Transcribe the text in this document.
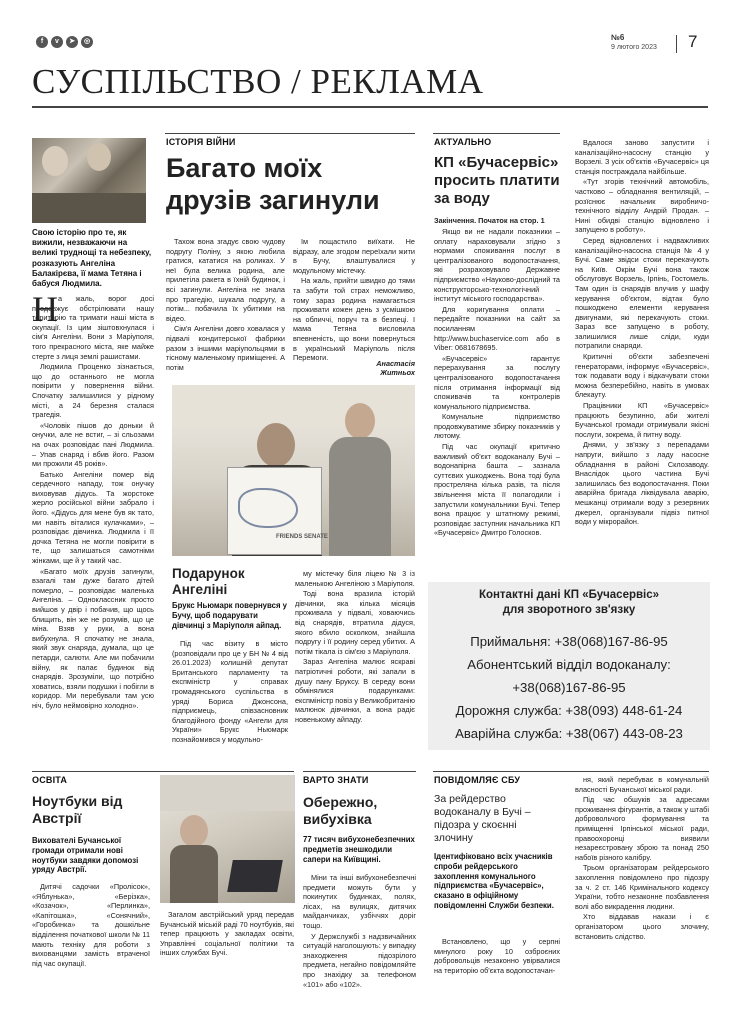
f	v	➤	◎	№6
9 лютого 2023 7
СУСПІЛЬСТВО / РЕКЛАМА

Свою історію про те, як

вижили, незважаючи на

великі труднощі та небезпеку,

розказують Ангеліна

Балакірєва, її мама Тетяна і

бабуся Людмила.

Н а жаль, ворог досі продовжує обстрілювати нашу територію та тримати наші міста в окупації. Із цим зіштовхнулася і сім'я Ангеліни. Вони з Маріуполя, того прекрасного міста, яке майже стерте з лиця землі рашистами.

Людмила Проценко зізнається, що до останнього не могла повірити у повернення війни. Спочатку залишилися у рідному місті, а 24 березня сталася трагедія.

«Чоловік пішов до доньки й онучки, але не встиг, – зі сльозами на очах розповідає пані Людмила. – Упав снаряд і вбив його. Разом ми прожили 45 років».

Батько Ангеліни помер від сердечного нападу, тож онучку виховував дідусь. Та жорстоке жерло російської війни забрало і його. «Дідусь для мене був як тато, ми навіть віталися кулачками», – розповідає дівчинка. Людмила і її дочка Тетяна не могли повірити в те, що залишаться самотніми жінками, ще й у такий час.

«Багато моїх друзів загинули, взагалі там дуже багато дітей померло, – розповідає маленька Ангеліна. – Одноклассник просто вийшов у двір і побачив, що щось блищить, він же не розумів, що це міна. Взяв у руки, а вона вибухнула. Я спочатку не знала, який звук снаряда, думала, що це петарди, салюти. Але ми побачили війну, як палає будинок від снарядів. Зрозуміли, що потрібно ховатись, взяли подушки і побігли в коридор. Ми перебували там усю ніч, було неймовірно холодно».

ІСТОРІЯ ВІЙНИ
Багато моїх
друзів загинули

Тахож вона згадує свою чудову подругу Поліну, з якою любила гратися, кататися на роликах. У неї була велика родина, але прилетіла ракета в їхній будинок, і всі загинули. Ангеліна не знала про трагедію, шукала подругу, а потім... побачила їх убитими на відео.

Сім'я Ангеліни довго ховалася у підвалі кондитерської фабрики разом з іншими маріупольцями в тісному маленькому приміщенні. А потім

їм пощастило виїхати. Не відразу, але згодом переїхали жити в Бучу, влаштувалися у модульному містечку.

На жаль, прийти швидко до тями та забути той страх неможливо, тому зараз родина намагається проживати кожен день з усмішкою на обличчі, поруч та в безпеці. І мама Тетяна висловила впевненість, що вони повернуться в український Маріуполь після Перемоги.

Анастасія Житньох
FRIENDS SENATE
Подарунок
Ангеліні
Брукс Ньюмарк повернувся у Бучу, щоб подарувати дівчинці з Маріуполя айпад.

Під час візиту в місто (розповідали про це у БН № 4 від 26.01.2023) колишній депутат Британського парламенту та експміністр у справах громадянського суспільства в уряді Бориса Джонсона, підприємець, співзасновник благодійного фонду «Ангели для України» Брукс Ньюмарк познайомився у модульно-

му містечку біля ліцею № 3 із маленькою Ангеліною з Маріуполя.

Тоді вона вразила історій дівчинки, яка кілька місяців проживала у підвалі, ховаючись від снарядів, втратила дідуся, якого вбило осколком, знайшла подругу і її родину серед убитих. А потім тікала із сім'єю з Маріуполя.

Зараз Ангеліна малює яскраві патріотичні роботи, які запали в душу пану Бруксу. В середу вони обмінялися подарунками: експміністр повіз у Великобританію малюнок дівчинки, а вона радіє новенькому айпаду.

АКТУАЛЬНО
КП «Бучасервіс»
просить платити
за воду
Закінчення. Початок на стор. 1

Якщо ви не надали показники – оплату нараховували згідно з нормами споживання послуг в централізованого водопостачання, які розраховувало Державне підприємство «Науково-дослідний та конструкторсько-технологічний інститут міського господарства».

Для коригування оплати – передайте показники на сайт за посиланням http://www.buchaservice.com або в Viber: 0681678695.

«Бучасервіс» гарантує перерахування за послугу централізованого водопостачання після отримання інформації від споживачів та контролерів комунального підприємства.

Комунальне підприємство продовжуватиме збирку показників у лютому.

Під час окупації критично важливий об'єкт водоканалу Бучі – водонапірна башта – зазнала суттєвих ушкоджень. Вона тоді була простреляна кілька разів, та після звільнення міста її полагодили і запустили комунальники Бучі. Тепер вона працює у штатному режимі, розповідає заступник начальника КП «Бучасервіс» Дмитро Голосков.

Вдалося заново запустити і каналізаційно-насосну станцію у Ворзелі. З усіх об'єктів «Бучасервіс» ця станція постраждала найбільше.

«Тут згорів технічний автомобіль, частково – обладнання вентиляцій, – розїснює начальник виробничо-технічного відділу Андрій Продан. – Нині обидві станцію відновлено і запущено в роботу».

Серед відновлених і надважливих каналізаційно-насосна станція № 4 у Бучі. Саме звідси стоки перекачують на Київ. Окрім Бучі вона також обслуговує Ворзель, Ірпінь, Гостомель. Там один із снарядів влучив у шафу керування об'єктом, відтак було пошкоджено елементи керування двигунами, які перекачують стоки. Зараз все запущено в роботу, залишилися лише сліди, куди потрапили снаряди.

Критичні об'єкти забезпечені генераторами, інформує «Бучасервіс», тож подавати воду і відкачувати стоки можна безперебійно, навіть в умовах блекауту.

Працівники КП «Бучасервіс» працюють безупинно, аби жителі Бучанської громади отримували якісні послуги, зокрема, й питну воду.

Днями, у зв'язку з перепадами напруги, вийшло з ладу насосне обладнання в районі Склозаводу. Внаслідок цього частина Бучі залишилась без водопостачання. Поки аварійна бригада ліквідувала аварію, мешканці отримали воду з резервних джерел, організували підвіз питної води у мікрорайон.

Контактні дані КП «Бучасервіс»
для зворотного зв'язку
Приймальня: +38(068)167-86-95
Абонентський відділ водоканалу:
+38(068)167-86-95
Дорожня служба: +38(093) 448-61-24
Аварійна служба: +38(067) 443-08-23
ОСВІТА
Ноутбуки від
Австрії
Вихователі Бучанської громади отримали нові ноутбуки завдяки допомозі уряду Австрії.

Дитячі садочки «Пролісок», «Яблунька», «Берізка», «Козачок», «Перлинка», «Капітошка», «Сонячний», «Горобинка» та дошкільне відділення початкової школи № 11 мають техніку для роботи з вихованцями замість втраченої під час окупації.

Загалом австрійський уряд передав Бучанській міській раді 70 ноутбуків, які тепер працюють у закладах освіти, Управлінні соціальної політики та інших службах Бучі.

ВАРТО ЗНАТИ
Обережно,
вибухівка
77 тисяч вибухонебезпечних предметів знешкодили сапери на Київщині.

Міни та інші вибухонебезпечні предмети можуть бути у покинутих будинках, полях, лісах, на вулицях, дитячих майданчиках, узбіччях доріг тощо.

У Держслужбі з надзвичайних ситуацій наголошують: у випадку знаходження підозрілого предмета, негайно повідомляйте про знахідку за телефоном «101» або «102».

ПОВІДОМЛЯЄ СБУ
За рейдерство
водоканалу в Бучі –
підозра у скоєнні
злочину
Ідентифіковано всіх учасників спроби рейдерського захоплення комунального підприємства «Бучасервіс», сказано в офіційному повідомленні Служби безпеки.

Встановлено, що у серпні минулого року 10 озброєних добровольців незаконно увірвалися на територію об'єкта водопостачан-

ня, який перебуває в комунальній власності Бучанської міської ради.

Під час обшуків за адресами проживання фігурантів, а також у штабі добровольчого формування та приміщенні Ірпінської міської ради, правоохоронці виявили незареєстровану зброю та понад 250 набоїв різного калібру.

Трьом організаторам рейдерського захоплення повідомлено про підозру за ч. 2 ст. 146 Кримінального кодексу України, тобто незаконне позбавлення волі або викрадення людини.

Хто віддавав накази і є організатором цього злочину, встановить слідство.
